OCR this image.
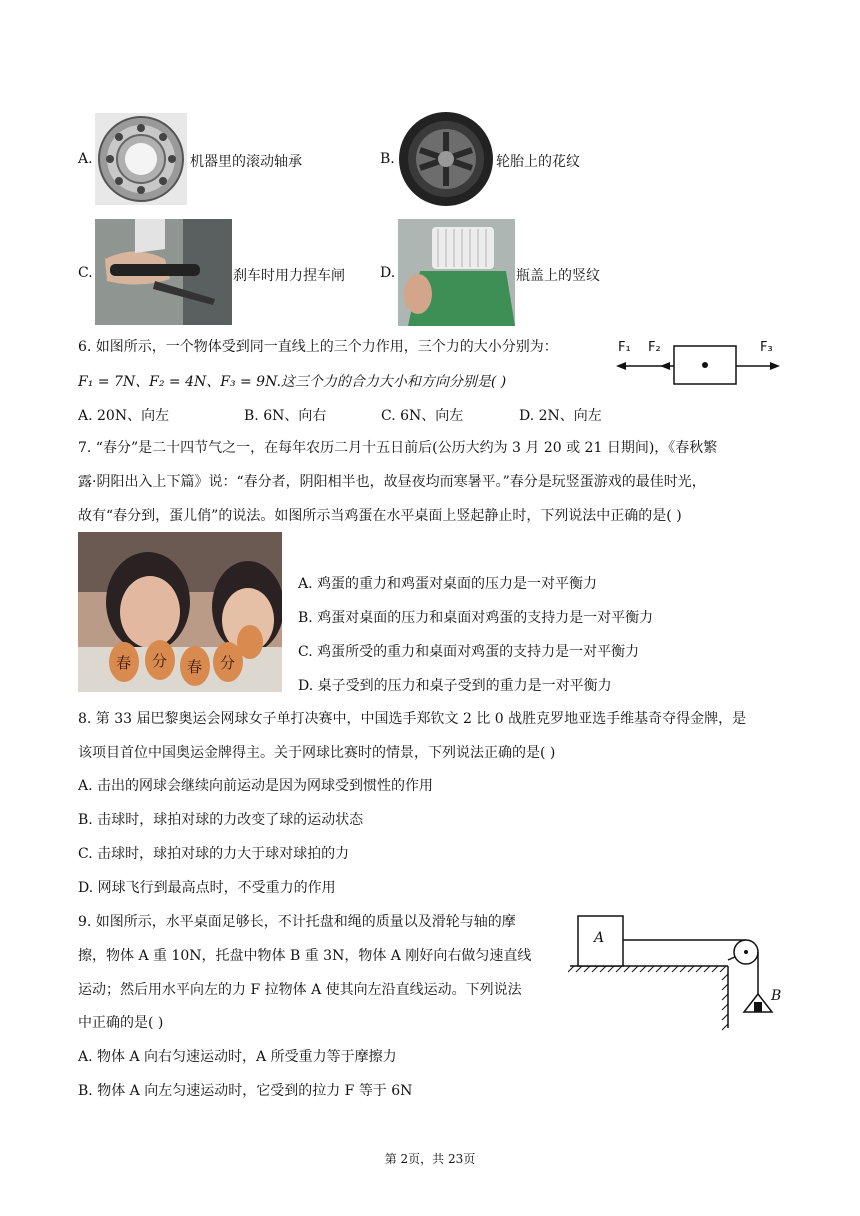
A.	机器里的滚动轴承	B.	轮胎上的花纹
C.	刹车时用力捏车闸	D.	瓶盖上的竖纹
6. 如图所示，一个物体受到同一直线上的三个力作用，三个力的大小分别为：
F₁ = 7N、F₂ = 4N、F₃ = 9N.这三个力的合力大小和方向分别是( )
A. 20N、向左	B. 6N、向右	C. 6N、向左	D. 2N、向左
F₁ F₂	F₃
7. “春分”是二十四节气之一，在每年农历二月十五日前后(公历大约为 3 月 20 或 21 日期间)，《春秋繁
露·阴阳出入上下篇》说：“春分者，阴阳相半也，故昼夜均而寒暑平。”春分是玩竖蛋游戏的最佳时光，
故有“春分到，蛋儿俏”的说法。如图所示当鸡蛋在水平桌面上竖起静止时，下列说法中正确的是( )
春 分 春 分
A. 鸡蛋的重力和鸡蛋对桌面的压力是一对平衡力
B. 鸡蛋对桌面的压力和桌面对鸡蛋的支持力是一对平衡力
C. 鸡蛋所受的重力和桌面对鸡蛋的支持力是一对平衡力
D. 桌子受到的压力和桌子受到的重力是一对平衡力
8. 第 33 届巴黎奥运会网球女子单打决赛中，中国选手郑钦文 2 比 0 战胜克罗地亚选手维基奇夺得金牌，是
该项目首位中国奥运金牌得主。关于网球比赛时的情景，下列说法正确的是( )
A. 击出的网球会继续向前运动是因为网球受到惯性的作用
B. 击球时，球拍对球的力改变了球的运动状态
C. 击球时，球拍对球的力大于球对球拍的力
D. 网球飞行到最高点时，不受重力的作用
9. 如图所示，水平桌面足够长，不计托盘和绳的质量以及滑轮与轴的摩
擦，物体 A 重 10N，托盘中物体 B 重 3N，物体 A 刚好向右做匀速直线
运动；然后用水平向左的力 F 拉物体 A 使其向左沿直线运动。下列说法
中正确的是( )
A. 物体 A 向右匀速运动时，A 所受重力等于摩擦力
B. 物体 A 向左匀速运动时，它受到的拉力 F 等于 6N
A
B
第 2页，共 23页
